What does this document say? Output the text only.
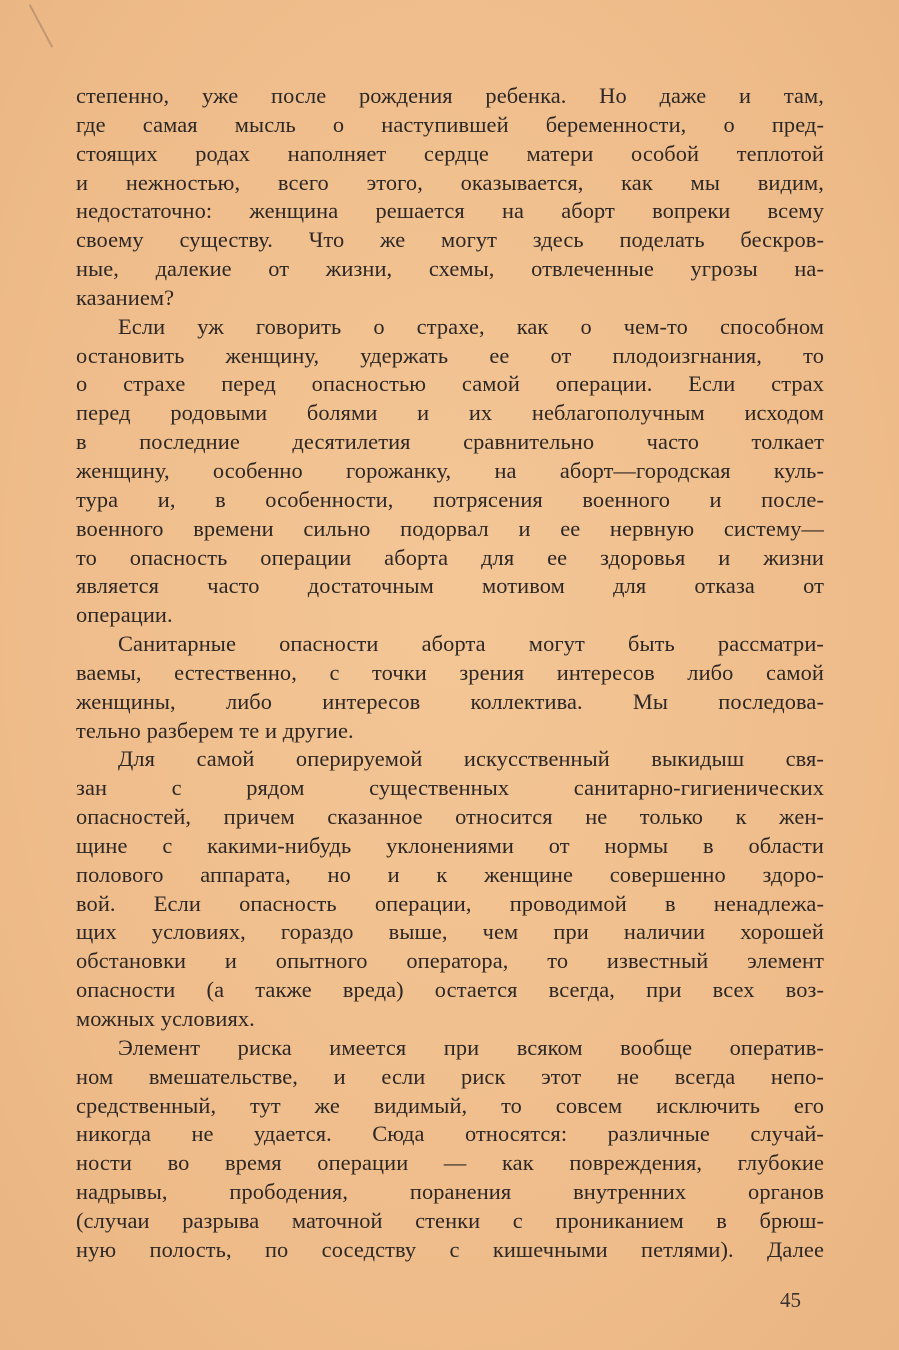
степенно, уже после рождения ребенка. Но даже и там,
где самая мысль о наступившей беременности, о пред-
стоящих родах наполняет сердце матери особой теплотой
и нежностью, всего этого, оказывается, как мы видим,
недостаточно: женщина решается на аборт вопреки всему
своему существу. Что же могут здесь поделать бескров-
ные, далекие от жизни, схемы, отвлеченные угрозы на-
казанием?
Если уж говорить о страхе, как о чем-то способном
остановить женщину, удержать ее от плодоизгнания, то
о страхе перед опасностью самой операции. Если страх
перед родовыми болями и их неблагополучным исходом
в последние десятилетия сравнительно часто толкает
женщину, особенно горожанку, на аборт—городская куль-
тура и, в особенности, потрясения военного и после-
военного времени сильно подорвал и ее нервную систему—
то опасность операции аборта для ее здоровья и жизни
является часто достаточным мотивом для отказа от
операции.
Санитарные опасности аборта могут быть рассматри-
ваемы, естественно, с точки зрения интересов либо самой
женщины, либо интересов коллектива. Мы последова-
тельно разберем те и другие.
Для самой оперируемой искусственный выкидыш свя-
зан с рядом существенных санитарно-гигиенических
опасностей, причем сказанное относится не только к жен-
щине с какими-нибудь уклонениями от нормы в области
полового аппарата, но и к женщине совершенно здоро-
вой. Если опасность операции, проводимой в ненадлежа-
щих условиях, гораздо выше, чем при наличии хорошей
обстановки и опытного оператора, то известный элемент
опасности (а также вреда) остается всегда, при всех воз-
можных условиях.
Элемент риска имеется при всяком вообще оператив-
ном вмешательстве, и если риск этот не всегда непо-
средственный, тут же видимый, то совсем исключить его
никогда не удается. Сюда относятся: различные случай-
ности во время операции — как повреждения, глубокие
надрывы, прободения, поранения внутренних органов
(случаи разрыва маточной стенки с проникaнием в брюш-
ную полость, по соседству с кишечными петлями). Далее
45
